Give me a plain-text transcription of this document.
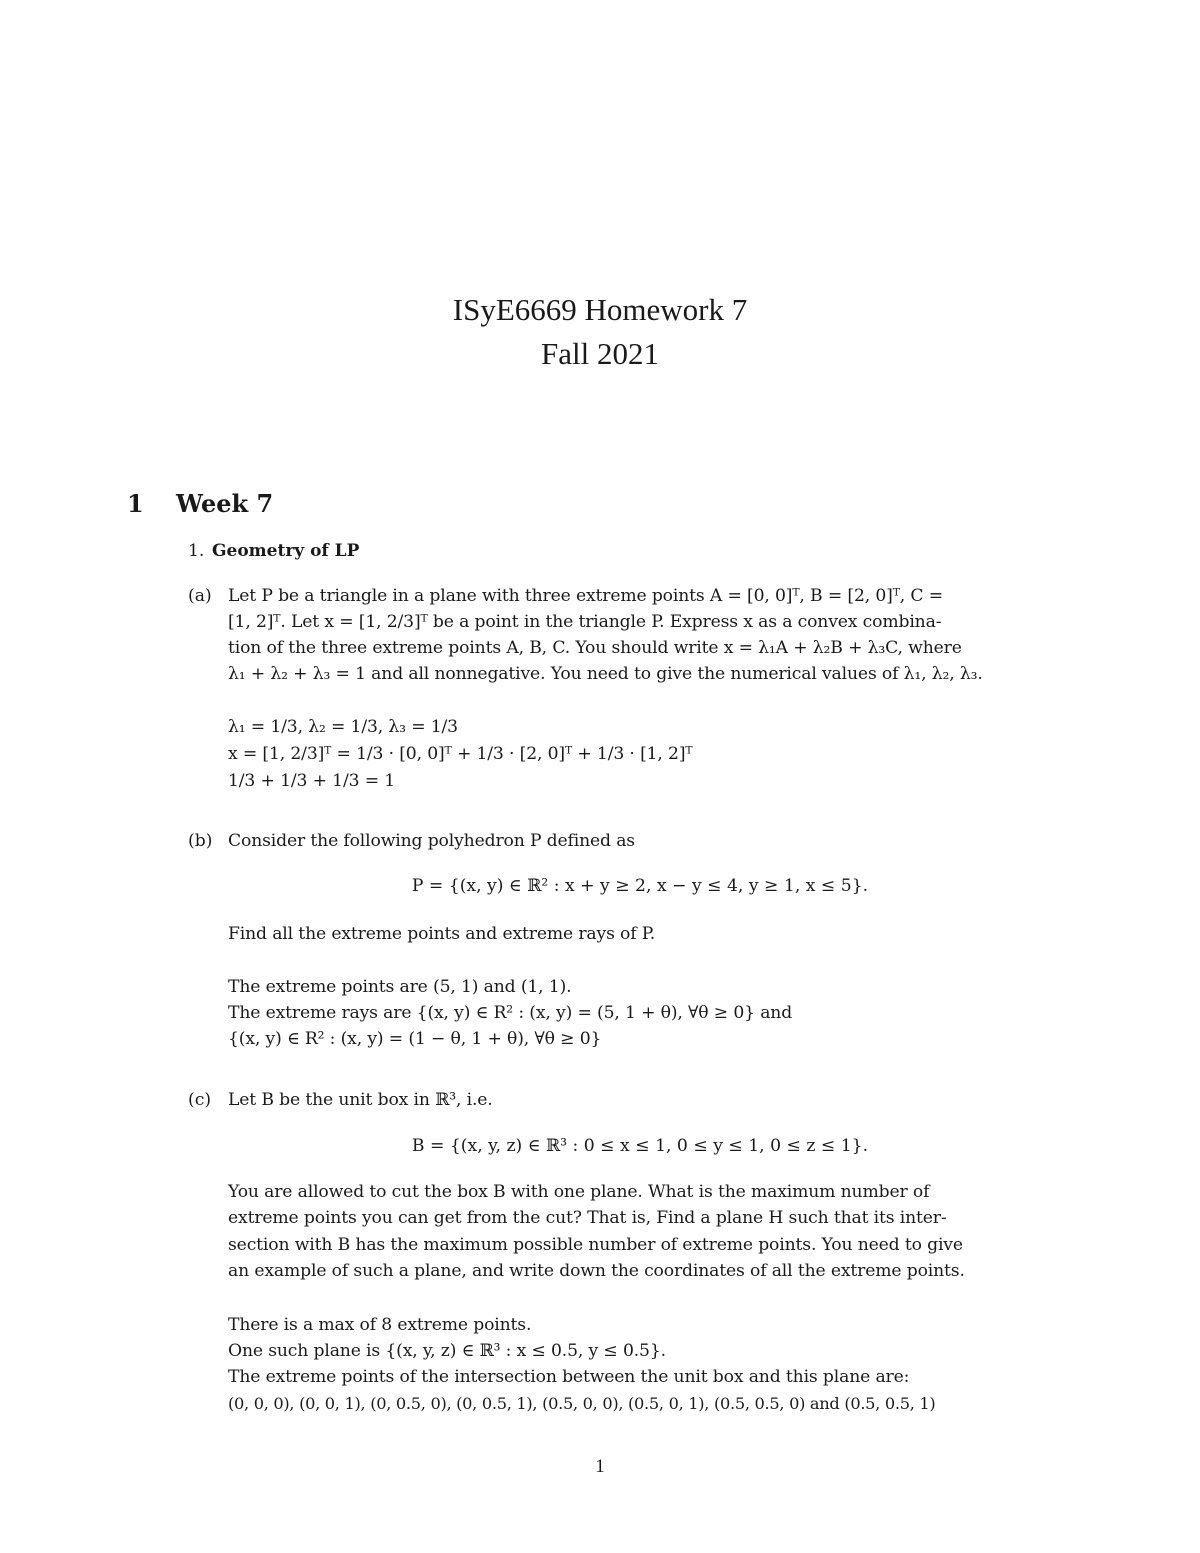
ISyE6669 Homework 7
Fall 2021
1 Week 7
1. Geometry of LP
(a) Let P be a triangle in a plane with three extreme points A = [0, 0]ᵀ, B = [2, 0]ᵀ, C =
[1, 2]ᵀ. Let x = [1, 2/3]ᵀ be a point in the triangle P. Express x as a convex combina-
tion of the three extreme points A, B, C. You should write x = λ₁A + λ₂B + λ₃C, where
λ₁ + λ₂ + λ₃ = 1 and all nonnegative. You need to give the numerical values of λ₁, λ₂, λ₃.
λ₁ = 1/3, λ₂ = 1/3, λ₃ = 1/3
x = [1, 2/3]ᵀ = 1/3 · [0, 0]ᵀ + 1/3 · [2, 0]ᵀ + 1/3 · [1, 2]ᵀ
1/3 + 1/3 + 1/3 = 1
(b) Consider the following polyhedron P defined as
P = {(x, y) ∈ ℝ² : x + y ≥ 2, x − y ≤ 4, y ≥ 1, x ≤ 5}.
Find all the extreme points and extreme rays of P.
The extreme points are (5, 1) and (1, 1).
The extreme rays are {(x, y) ∈ R² : (x, y) = (5, 1 + θ), ∀θ ≥ 0} and
{(x, y) ∈ R² : (x, y) = (1 − θ, 1 + θ), ∀θ ≥ 0}
(c) Let B be the unit box in ℝ³, i.e.
B = {(x, y, z) ∈ ℝ³ : 0 ≤ x ≤ 1, 0 ≤ y ≤ 1, 0 ≤ z ≤ 1}.
You are allowed to cut the box B with one plane. What is the maximum number of
extreme points you can get from the cut? That is, Find a plane H such that its inter-
section with B has the maximum possible number of extreme points. You need to give
an example of such a plane, and write down the coordinates of all the extreme points.
There is a max of 8 extreme points.
One such plane is {(x, y, z) ∈ ℝ³ : x ≤ 0.5, y ≤ 0.5}.
The extreme points of the intersection between the unit box and this plane are:
(0, 0, 0), (0, 0, 1), (0, 0.5, 0), (0, 0.5, 1), (0.5, 0, 0), (0.5, 0, 1), (0.5, 0.5, 0) and (0.5, 0.5, 1)
1
